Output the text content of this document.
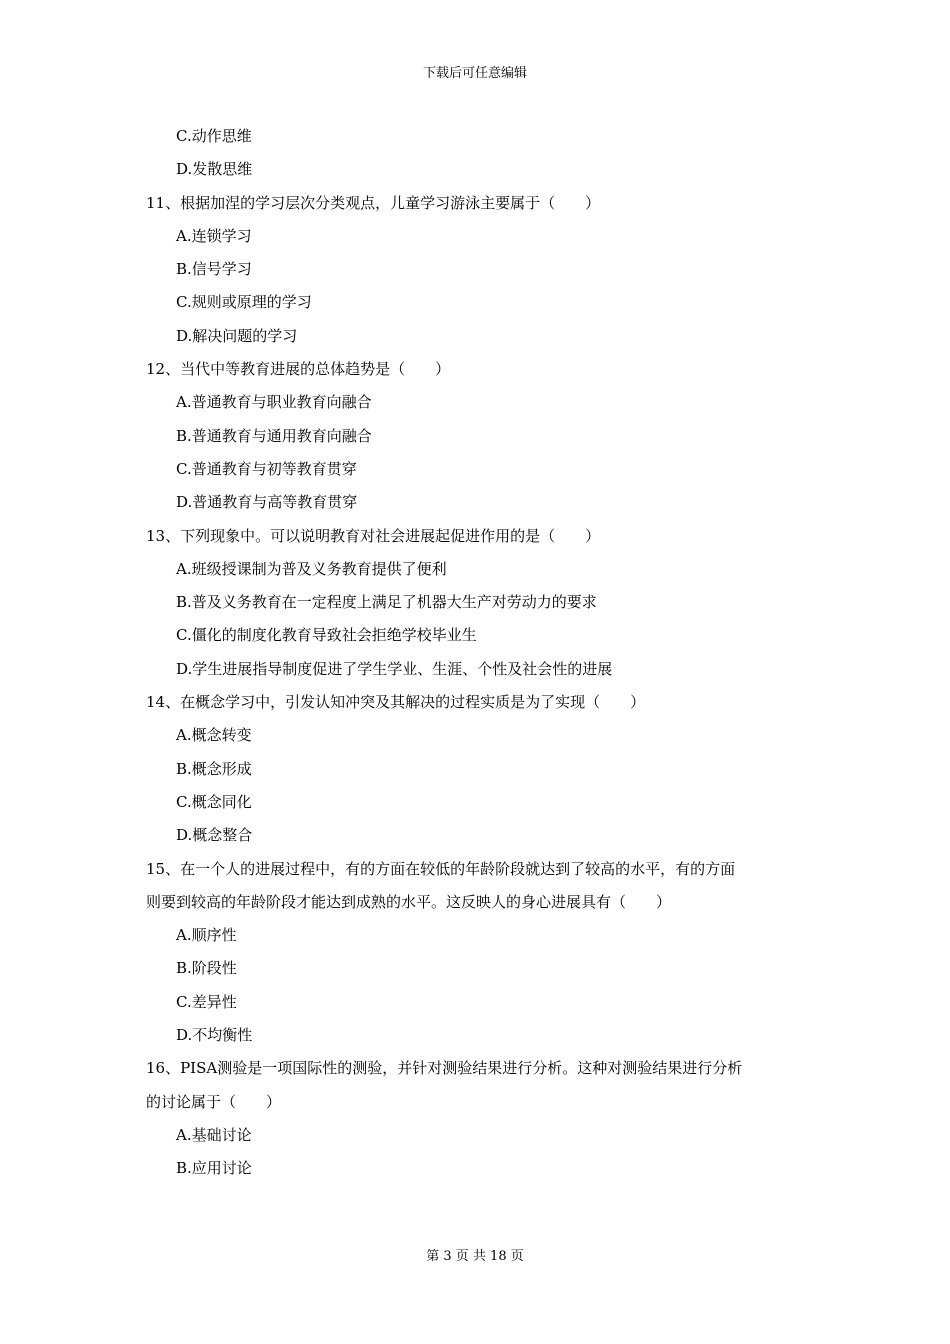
下载后可任意编辑
C.动作思维
D.发散思维
11、根据加涅的学习层次分类观点，儿童学习游泳主要属于（　　）
A.连锁学习
B.信号学习
C.规则或原理的学习
D.解决问题的学习
12、当代中等教育进展的总体趋势是（　　）
A.普通教育与职业教育向融合
B.普通教育与通用教育向融合
C.普通教育与初等教育贯穿
D.普通教育与高等教育贯穿
13、下列现象中。可以说明教育对社会进展起促进作用的是（　　）
A.班级授课制为普及义务教育提供了便利
B.普及义务教育在一定程度上满足了机器大生产对劳动力的要求
C.僵化的制度化教育导致社会拒绝学校毕业生
D.学生进展指导制度促进了学生学业、生涯、个性及社会性的进展
14、在概念学习中，引发认知冲突及其解决的过程实质是为了实现（　　）
A.概念转变
B.概念形成
C.概念同化
D.概念整合
15、在一个人的进展过程中，有的方面在较低的年龄阶段就达到了较高的水平，有的方面
则要到较高的年龄阶段才能达到成熟的水平。这反映人的身心进展具有（　　）
A.顺序性
B.阶段性
C.差异性
D.不均衡性
16、PISA测验是一项国际性的测验，并针对测验结果进行分析。这种对测验结果进行分析
的讨论属于（　　）
A.基础讨论
B.应用讨论
第 3 页 共 18 页
